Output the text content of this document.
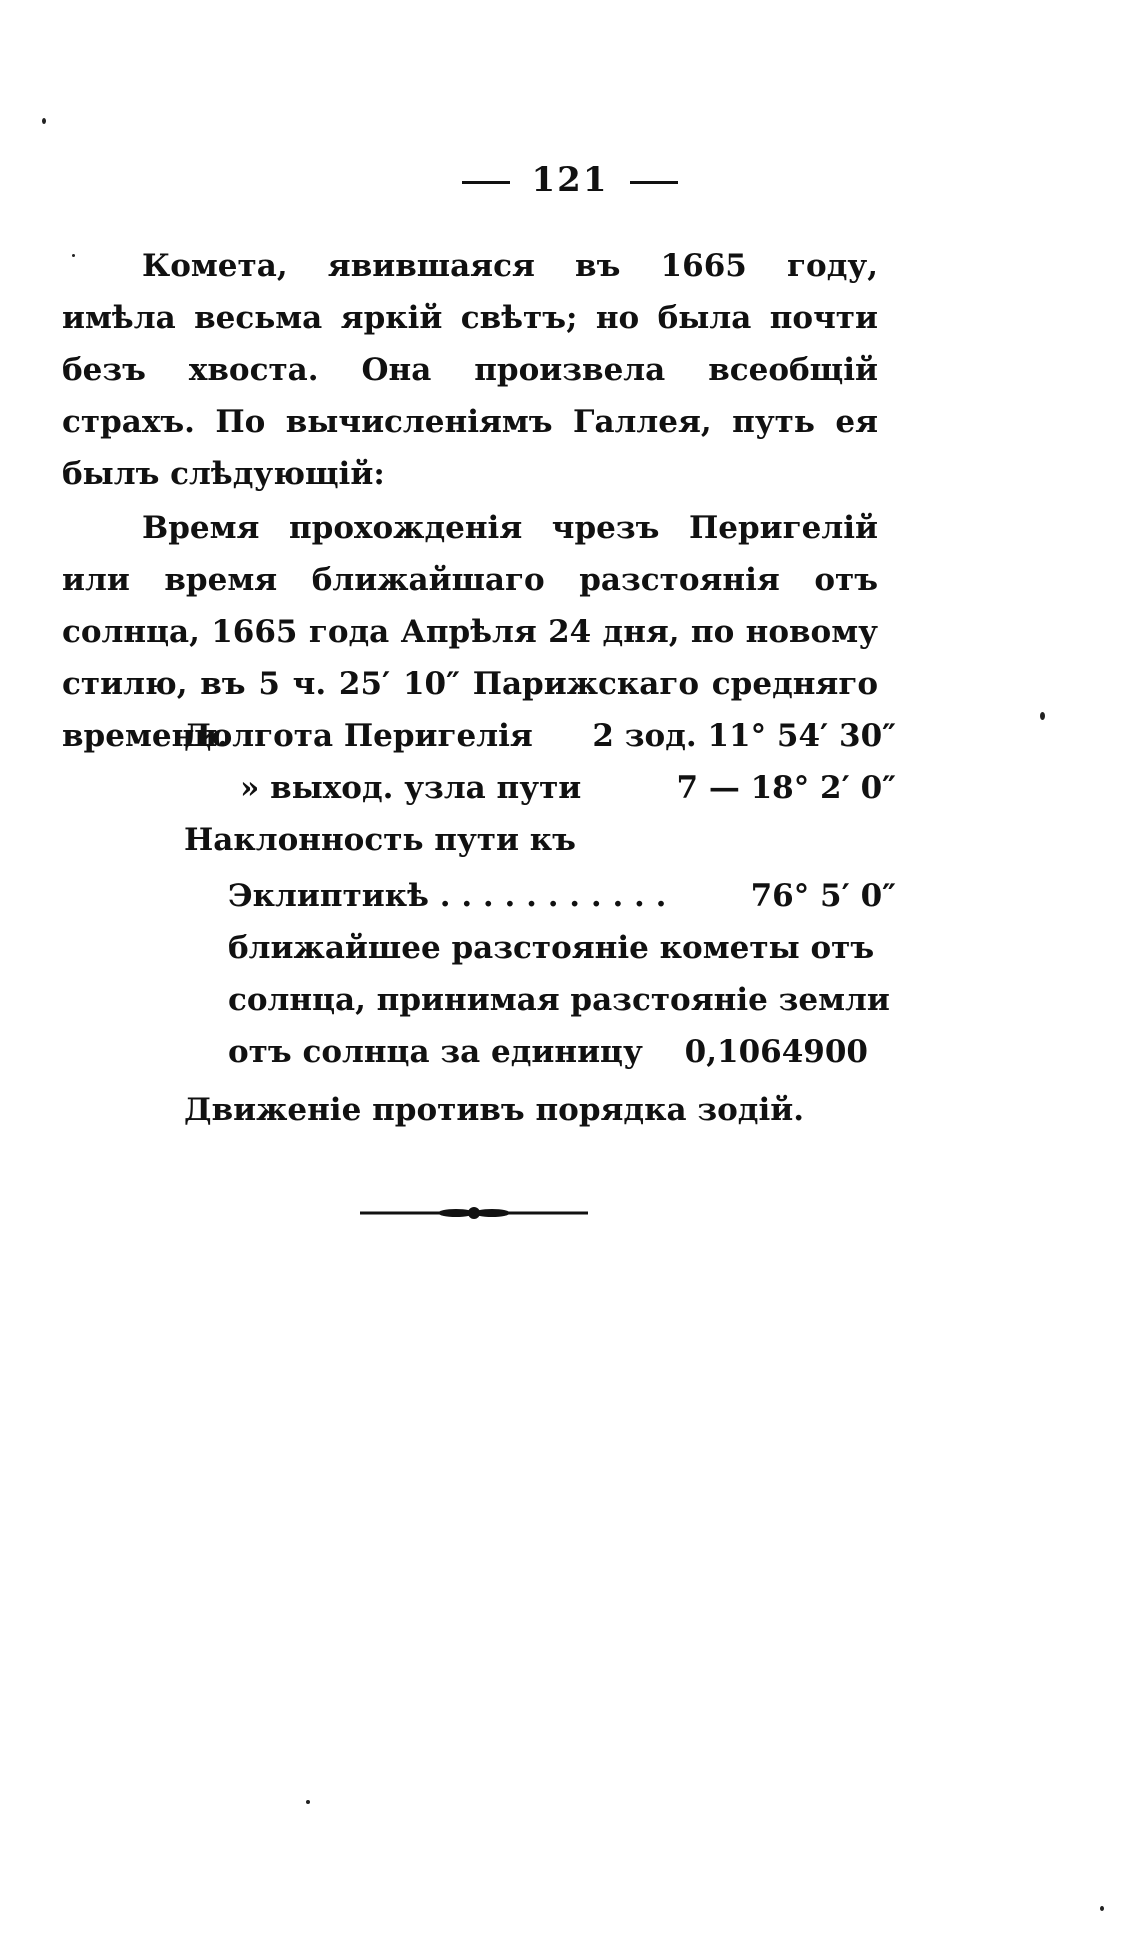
121
Комета, явившаяся въ 1665 году, имѣла весьма яркій свѣтъ; но была почти безъ хвоста. Она произвела всеобщій страхъ. По вычисленіямъ Галлея, путь ея былъ слѣдующій:
Время прохожденія чрезъ Перигелій или время ближайшаго разстоянія отъ солнца, 1665 года Апрѣля 24 дня, по новому стилю, въ 5 ч. 25′ 10″ Парижскаго средняго времени.
Долгота Перигелія 2 зод. 11° 54′ 30″
» выход. узла пути	7 — 18° 2′ 0″
Наклонность пути къ
Эклиптикѣ . . . . . . . . . . .	76° 5′ 0″
ближайшее разстояніе кометы отъ
солнца, принимая разстояніе земли
отъ солнца за единицу 0,1064900
Движеніе противъ порядка зодій.
